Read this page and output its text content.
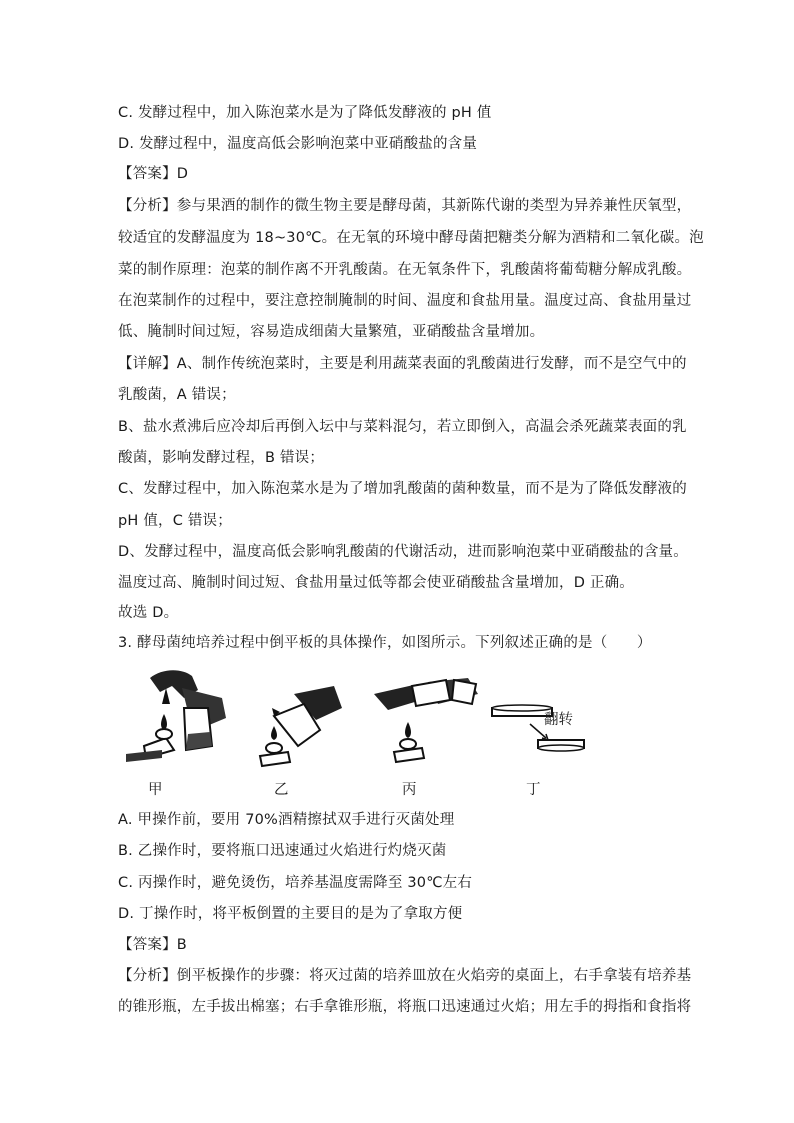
C. 发酵过程中，加入陈泡菜水是为了降低发酵液的 pH 值
D. 发酵过程中，温度高低会影响泡菜中亚硝酸盐的含量
【答案】D
【分析】参与果酒的制作的微生物主要是酵母菌，其新陈代谢的类型为异养兼性厌氧型，
较适宜的发酵温度为 18~30℃。在无氧的环境中酵母菌把糖类分解为酒精和二氧化碳。泡
菜的制作原理：泡菜的制作离不开乳酸菌。在无氧条件下，乳酸菌将葡萄糖分解成乳酸。
在泡菜制作的过程中，要注意控制腌制的时间、温度和食盐用量。温度过高、食盐用量过
低、腌制时间过短，容易造成细菌大量繁殖，亚硝酸盐含量增加。
【详解】A、制作传统泡菜时，主要是利用蔬菜表面的乳酸菌进行发酵，而不是空气中的
乳酸菌，A 错误；
B、盐水煮沸后应冷却后再倒入坛中与菜料混匀，若立即倒入，高温会杀死蔬菜表面的乳
酸菌，影响发酵过程，B 错误；
C、发酵过程中，加入陈泡菜水是为了增加乳酸菌的菌种数量，而不是为了降低发酵液的
pH 值，C 错误；
D、发酵过程中，温度高低会影响乳酸菌的代谢活动，进而影响泡菜中亚硝酸盐的含量。
温度过高、腌制时间过短、食盐用量过低等都会使亚硝酸盐含量增加，D 正确。
故选 D。
3. 酵母菌纯培养过程中倒平板的具体操作，如图所示。下列叙述正确的是（　　）
甲	乙	丙
翻转
丁
A. 甲操作前，要用 70%酒精擦拭双手进行灭菌处理
B. 乙操作时，要将瓶口迅速通过火焰进行灼烧灭菌
C. 丙操作时，避免烫伤，培养基温度需降至 30℃左右
D. 丁操作时，将平板倒置的主要目的是为了拿取方便
【答案】B
【分析】倒平板操作的步骤：将灭过菌的培养皿放在火焰旁的桌面上，右手拿装有培养基
的锥形瓶，左手拔出棉塞；右手拿锥形瓶，将瓶口迅速通过火焰；用左手的拇指和食指将
